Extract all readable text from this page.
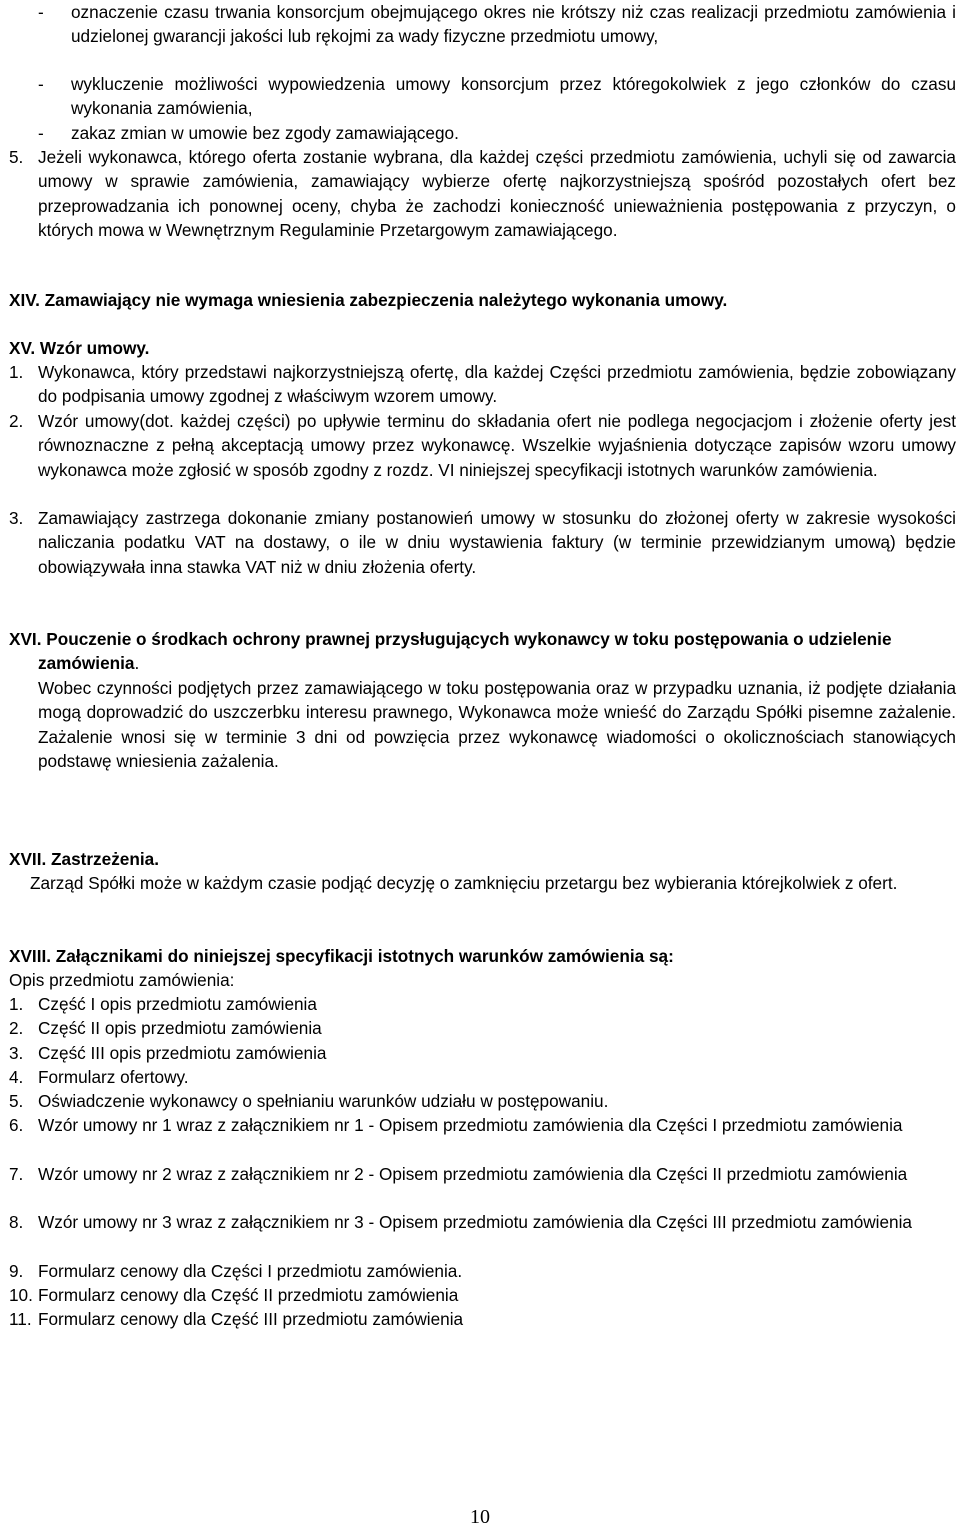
-	oznaczenie czasu trwania konsorcjum obejmującego okres nie krótszy niż czas realizacji przedmiotu zamówienia i udzielonej gwarancji jakości lub rękojmi za wady fizyczne przedmiotu umowy,
-	wykluczenie możliwości wypowiedzenia umowy konsorcjum przez któregokolwiek z jego członków do czasu wykonania zamówienia,
-	zakaz zmian w umowie bez zgody zamawiającego.
5. Jeżeli wykonawca, którego oferta zostanie wybrana, dla każdej części przedmiotu zamówienia, uchyli się od zawarcia umowy w sprawie zamówienia, zamawiający wybierze ofertę najkorzystniejszą spośród pozostałych ofert bez przeprowadzania ich ponownej oceny, chyba że zachodzi konieczność unieważnienia postępowania z przyczyn, o których mowa w Wewnętrznym Regulaminie Przetargowym zamawiającego.
XIV. Zamawiający nie wymaga wniesienia zabezpieczenia należytego wykonania umowy.
XV. Wzór umowy.
1. Wykonawca, który przedstawi najkorzystniejszą ofertę, dla każdej Części przedmiotu zamówienia, będzie zobowiązany do podpisania umowy zgodnej z właściwym wzorem umowy.
2. Wzór umowy(dot. każdej części) po upływie terminu do składania ofert nie podlega negocjacjom i złożenie oferty jest równoznaczne z pełną akceptacją umowy przez wykonawcę. Wszelkie wyjaśnienia dotyczące zapisów wzoru umowy wykonawca może zgłosić w sposób zgodny z rozdz. VI niniejszej specyfikacji istotnych warunków zamówienia.
3. Zamawiający zastrzega dokonanie zmiany postanowień umowy w stosunku do złożonej oferty w zakresie wysokości naliczania podatku VAT na dostawy, o ile w dniu wystawienia faktury (w terminie przewidzianym umową) będzie obowiązywała inna stawka VAT niż w dniu złożenia oferty.
XVI. Pouczenie o środkach ochrony prawnej przysługujących wykonawcy w toku postępowania o udzielenie zamówienia.
Wobec czynności podjętych przez zamawiającego w toku postępowania oraz w przypadku uznania, iż podjęte działania mogą doprowadzić do uszczerbku interesu prawnego, Wykonawca może wnieść do Zarządu Spółki pisemne zażalenie. Zażalenie wnosi się w terminie 3 dni od powzięcia przez wykonawcę wiadomości o okolicznościach stanowiących podstawę wniesienia zażalenia.
XVII. Zastrzeżenia.
Zarząd Spółki może w każdym czasie podjąć decyzję o zamknięciu przetargu bez wybierania którejkolwiek z ofert.
XVIII. Załącznikami do niniejszej specyfikacji istotnych warunków zamówienia są:
Opis przedmiotu zamówienia:
1. Część I opis przedmiotu zamówienia
2. Część II opis przedmiotu zamówienia
3. Część III opis przedmiotu zamówienia
4. Formularz ofertowy.
5. Oświadczenie wykonawcy o spełnianiu warunków udziału w postępowaniu.
6. Wzór umowy nr 1 wraz z załącznikiem nr 1 - Opisem przedmiotu zamówienia dla Części I przedmiotu zamówienia
7. Wzór umowy nr 2 wraz z załącznikiem nr 2 - Opisem przedmiotu zamówienia dla Części II przedmiotu zamówienia
8. Wzór umowy nr 3 wraz z załącznikiem nr 3 - Opisem przedmiotu zamówienia dla Części III przedmiotu zamówienia
9. Formularz cenowy dla Części I przedmiotu zamówienia.
10. Formularz cenowy dla Część II przedmiotu zamówienia
11. Formularz cenowy dla Część III przedmiotu zamówienia
10
